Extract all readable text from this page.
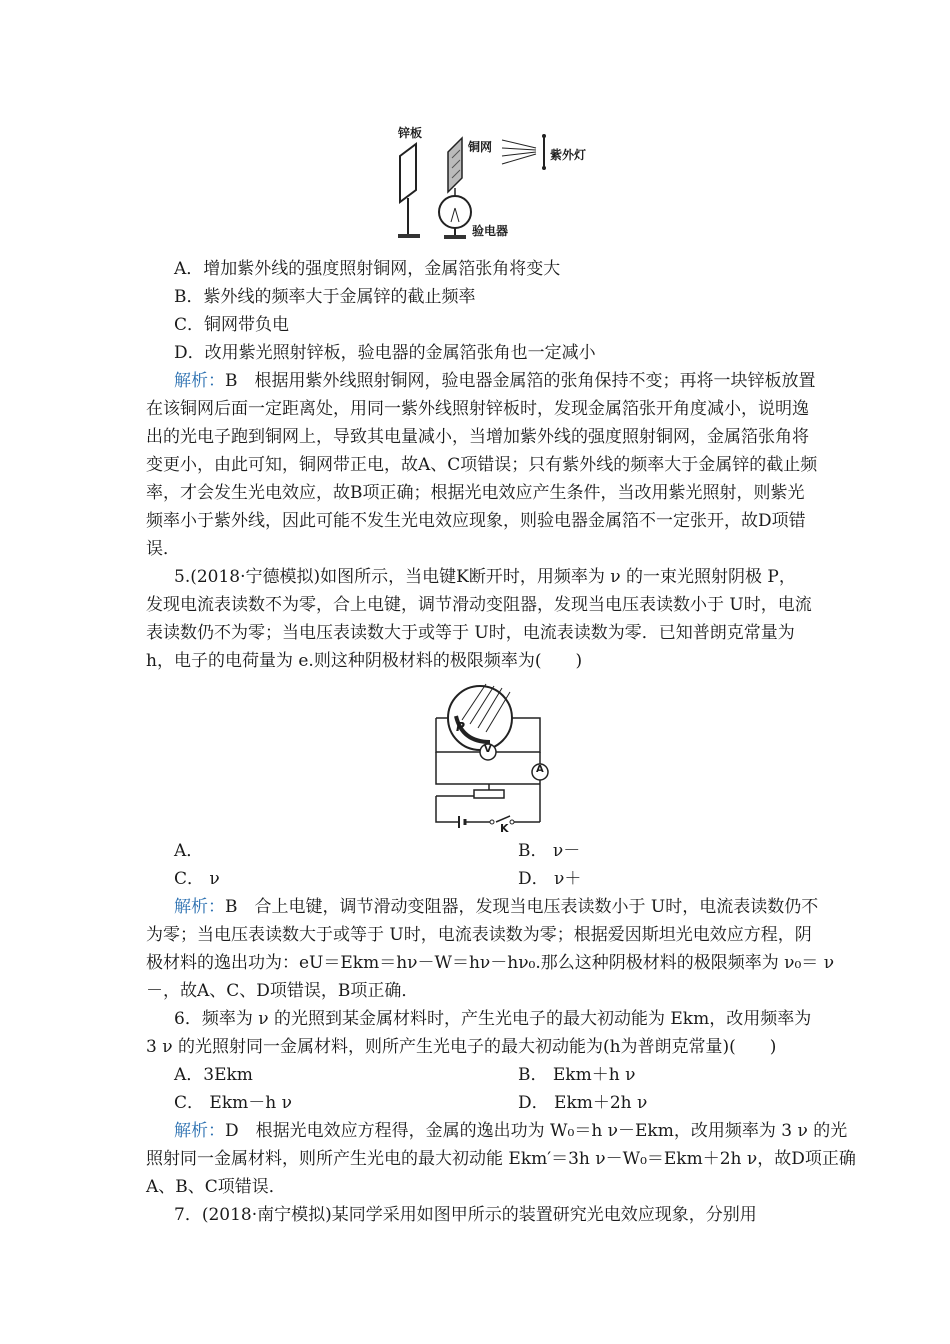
锌板
铜网
紫外灯
验电器
A．增加紫外线的强度照射铜网，金属箔张角将变大
B．紫外线的频率大于金属锌的截止频率
C．铜网带负电
D．改用紫光照射锌板，验电器的金属箔张角也一定减小
解析：B　根据用紫外线照射铜网，验电器金属箔的张角保持不变；再将一块锌板放置
在该铜网后面一定距离处，用同一紫外线照射锌板时，发现金属箔张开角度减小，说明逸
出的光电子跑到铜网上，导致其电量减小，当增加紫外线的强度照射铜网，金属箔张角将
变更小，由此可知，铜网带正电，故A、C项错误；只有紫外线的频率大于金属锌的截止频
率，才会发生光电效应，故B项正确；根据光电效应产生条件，当改用紫光照射，则紫光
频率小于紫外线，因此可能不发生光电效应现象，则验电器金属箔不一定张开，故D项错
误．
5.(2018·宁德模拟)如图所示，当电键K断开时，用频率为 ν 的一束光照射阴极 P，
发现电流表读数不为零，合上电键，调节滑动变阻器，发现当电压表读数小于 U时，电流
表读数仍不为零；当电压表读数大于或等于 U时，电流表读数为零．已知普朗克常量为
h，电子的电荷量为 e.则这种阴极材料的极限频率为(　　)
P
V
A
K
A．	B． ν－
C． ν	D． ν＋
解析：B　合上电键，调节滑动变阻器，发现当电压表读数小于 U时，电流表读数仍不
为零；当电压表读数大于或等于 U时，电流表读数为零；根据爱因斯坦光电效应方程，阴
极材料的逸出功为：eU＝Ekm＝hν－W＝hν－hν₀.那么这种阴极材料的极限频率为 ν₀＝ ν
－，故A、C、D项错误，B项正确．
6．频率为 ν 的光照到某金属材料时，产生光电子的最大初动能为 Ekm，改用频率为
3 ν 的光照射同一金属材料，则所产生光电子的最大初动能为(h为普朗克常量)(　　)
A．3Ekm	B． Ekm＋h ν
C． Ekm－h ν	D． Ekm＋2h ν
解析：D　根据光电效应方程得，金属的逸出功为 W₀＝h ν－Ekm，改用频率为 3 ν 的光
照射同一金属材料，则所产生光电的最大初动能 Ekm′＝3h ν－W₀＝Ekm＋2h ν，故D项正确
A、B、C项错误．
7．(2018·南宁模拟)某同学采用如图甲所示的装置研究光电效应现象，分别用
